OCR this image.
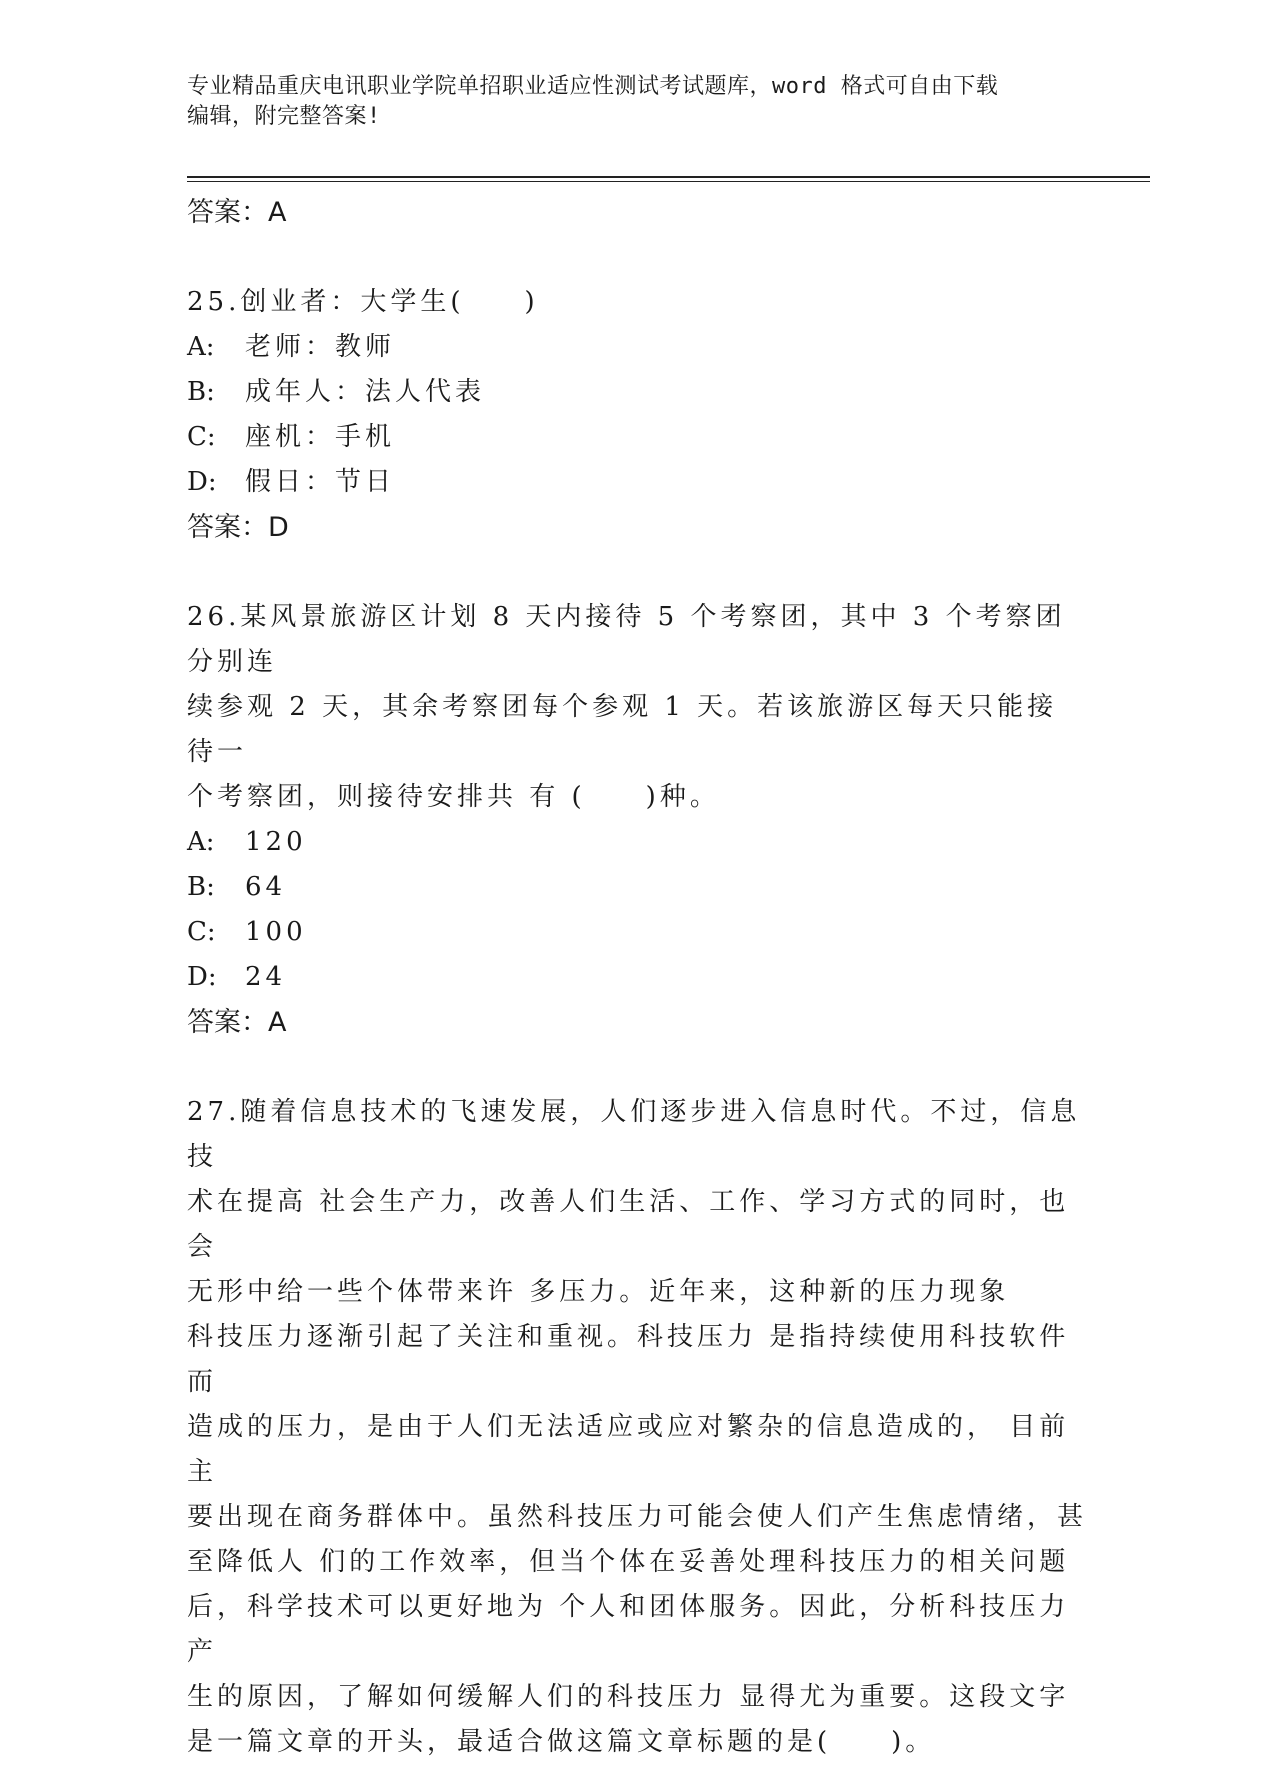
专业精品重庆电讯职业学院单招职业适应性测试考试题库，word 格式可自由下载
编辑，附完整答案!

答案：A

25.创业者：大学生(　　)

A:	老师：教师
B:	成年人：法人代表
C:	座机：手机
D:	假日：节日

答案：D

26.某风景旅游区计划 8 天内接待 5 个考察团，其中 3 个考察团分别连

续参观 2 天，其余考察团每个参观 1 天。若该旅游区每天只能接待一

个考察团，则接待安排共 有 (　　)种。

A:	120
B:	64
C:	100
D:	24

答案：A

27.随着信息技术的飞速发展，人们逐步进入信息时代。不过，信息技

术在提高 社会生产力，改善人们生活、工作、学习方式的同时，也会

无形中给一些个体带来许 多压力。近年来，这种新的压力现象

科技压力逐渐引起了关注和重视。科技压力 是指持续使用科技软件而

造成的压力，是由于人们无法适应或应对繁杂的信息造成的， 目前主

要出现在商务群体中。虽然科技压力可能会使人们产生焦虑情绪，甚

至降低人 们的工作效率，但当个体在妥善处理科技压力的相关问题

后，科学技术可以更好地为 个人和团体服务。因此，分析科技压力产

生的原因，了解如何缓解人们的科技压力 显得尤为重要。这段文字

是一篇文章的开头，最适合做这篇文章标题的是(　　)。
